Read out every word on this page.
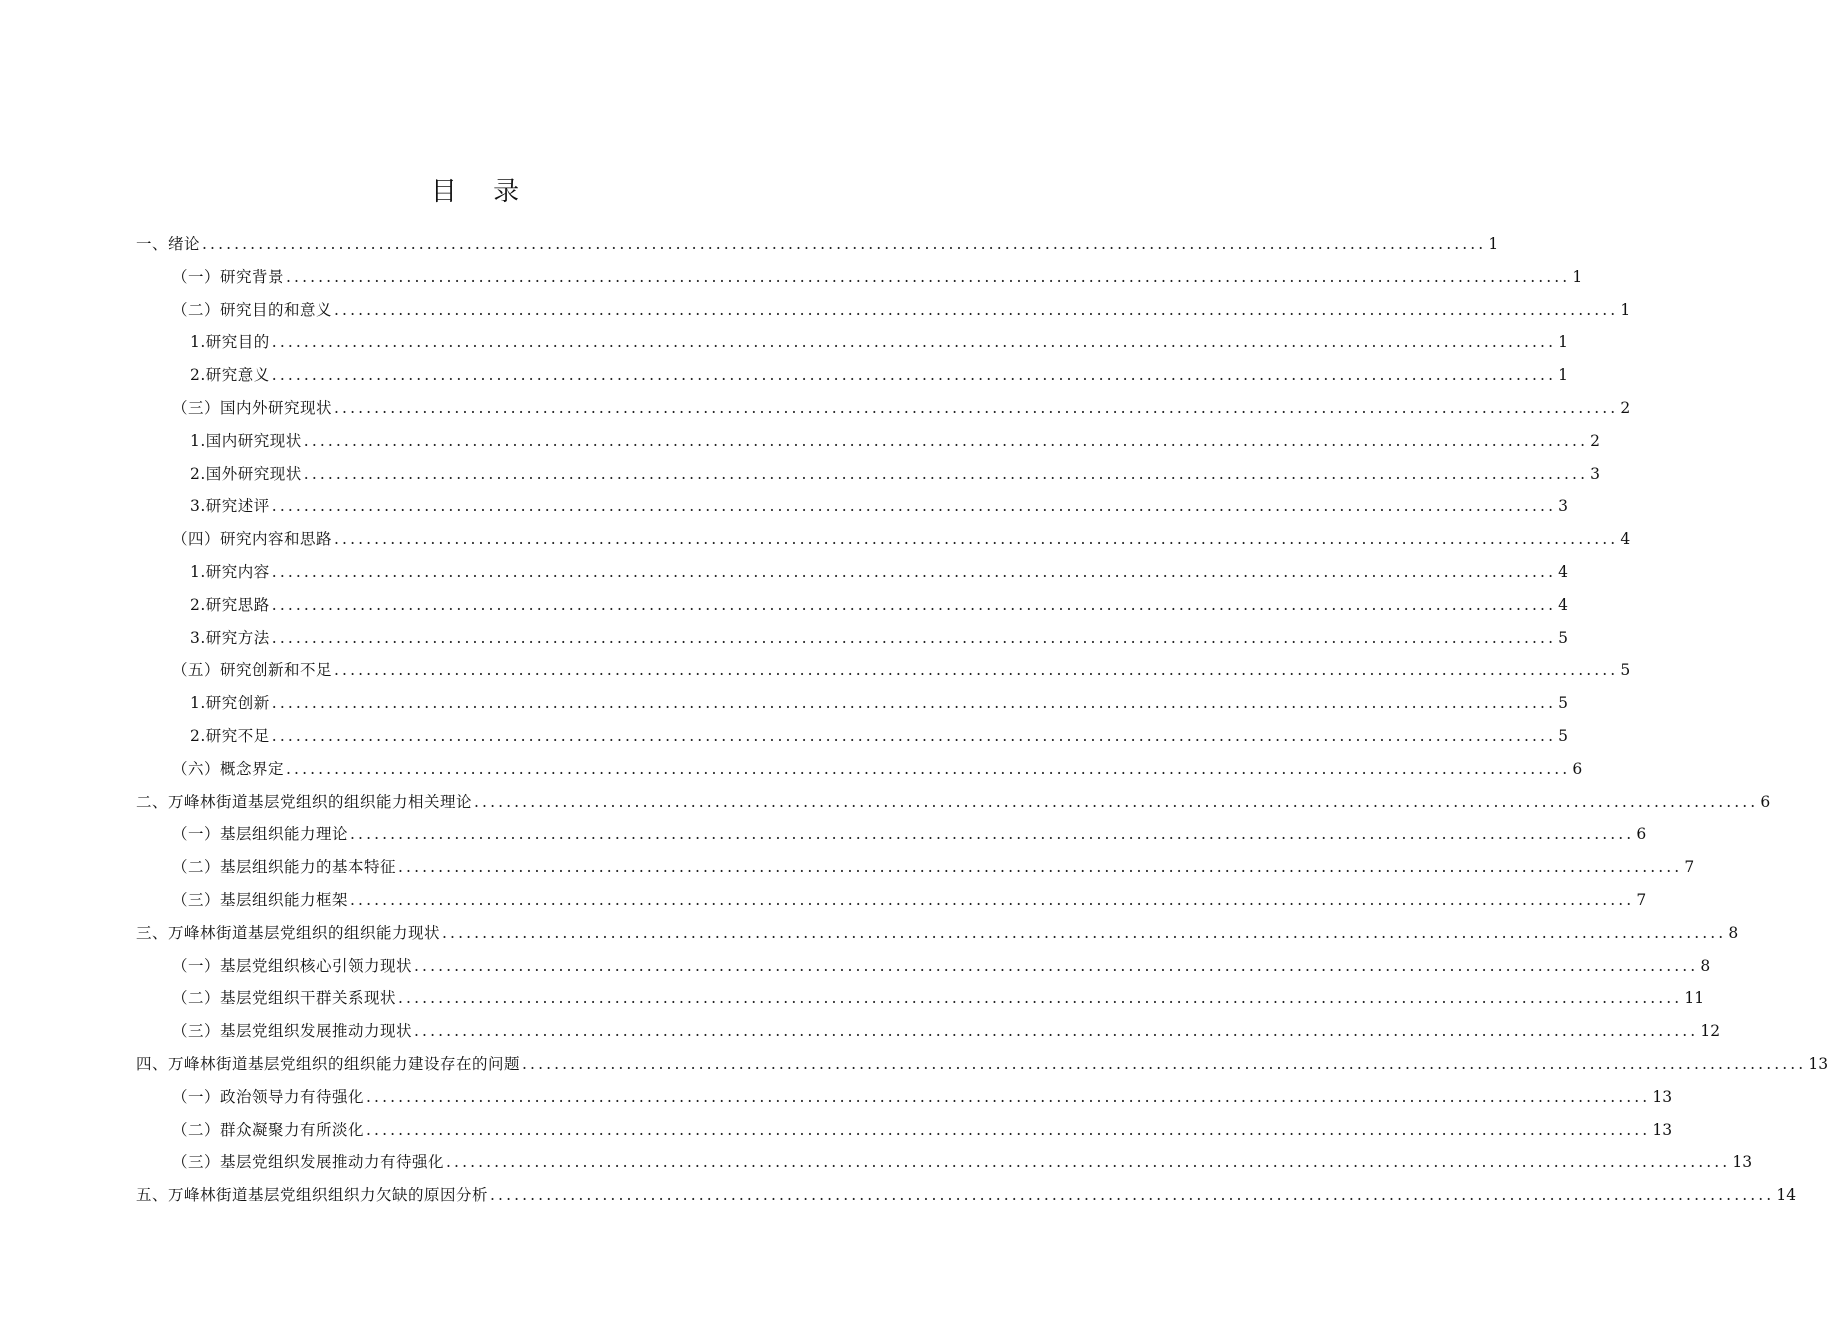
目 录
一、绪论 ................................................................................................................................................................ 1
（一）研究背景 ................................................................................................................................................................ 1
（二）研究目的和意义 ................................................................................................................................................................ 1
1.研究目的 ................................................................................................................................................................ 1
2.研究意义 ................................................................................................................................................................ 1
（三）国内外研究现状 ................................................................................................................................................................ 2
1.国内研究现状 ................................................................................................................................................................ 2
2.国外研究现状 ................................................................................................................................................................ 3
3.研究述评 ................................................................................................................................................................ 3
（四）研究内容和思路 ................................................................................................................................................................ 4
1.研究内容 ................................................................................................................................................................ 4
2.研究思路 ................................................................................................................................................................ 4
3.研究方法 ................................................................................................................................................................ 5
（五）研究创新和不足 ................................................................................................................................................................ 5
1.研究创新 ................................................................................................................................................................ 5
2.研究不足 ................................................................................................................................................................ 5
（六）概念界定 ................................................................................................................................................................ 6
二、万峰林街道基层党组织的组织能力相关理论 ................................................................................................................................................................ 6
（一）基层组织能力理论 ................................................................................................................................................................ 6
（二）基层组织能力的基本特征 ................................................................................................................................................................ 7
（三）基层组织能力框架 ................................................................................................................................................................ 7
三、万峰林街道基层党组织的组织能力现状 ................................................................................................................................................................ 8
（一）基层党组织核心引领力现状 ................................................................................................................................................................ 8
（二）基层党组织干群关系现状 ................................................................................................................................................................ 11
（三）基层党组织发展推动力现状 ................................................................................................................................................................ 12
四、万峰林街道基层党组织的组织能力建设存在的问题 ................................................................................................................................................................ 13
（一）政治领导力有待强化 ................................................................................................................................................................ 13
（二）群众凝聚力有所淡化 ................................................................................................................................................................ 13
（三）基层党组织发展推动力有待强化 ................................................................................................................................................................ 13
五、万峰林街道基层党组织组织力欠缺的原因分析 ................................................................................................................................................................ 14
